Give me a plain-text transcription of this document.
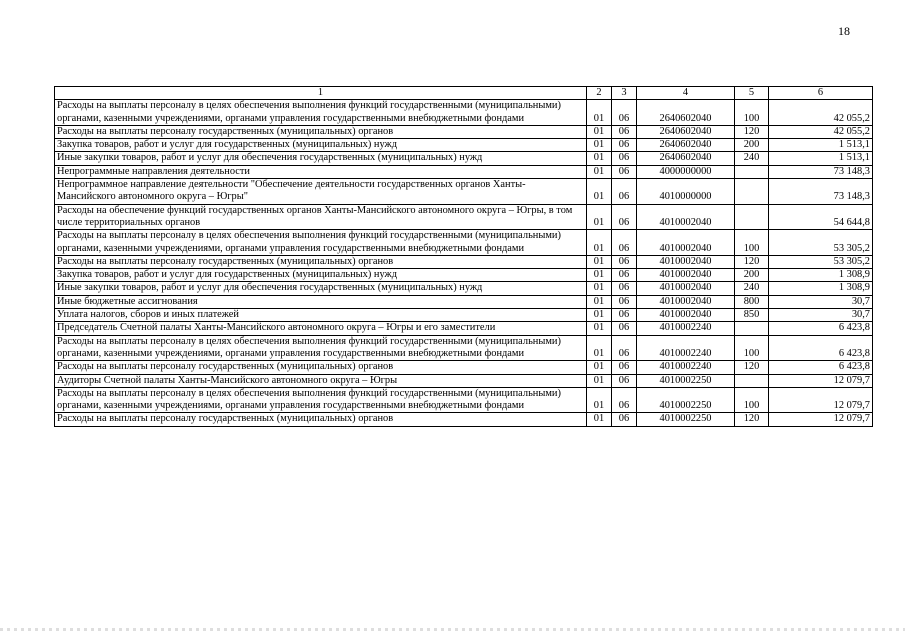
18
1	2	3	4	5	6
Расходы на выплаты персоналу в целях обеспечения выполнения функций государственными (муниципальными) органами, казенными учреждениями, органами управления государственными внебюджетными фондами	01	06	2640602040	100	42 055,2
Расходы на выплаты персоналу государственных (муниципальных) органов	01	06	2640602040	120	42 055,2
Закупка товаров, работ и услуг для государственных (муниципальных) нужд	01	06	2640602040	200	1 513,1
Иные закупки товаров, работ и услуг для обеспечения государственных (муниципальных) нужд	01	06	2640602040	240	1 513,1
Непрограммные направления деятельности	01	06	4000000000		73 148,3
Непрограммное направление деятельности "Обеспечение деятельности государственных органов Ханты-Мансийского автономного округа – Югры"	01	06	4010000000		73 148,3
Расходы на обеспечение функций государственных органов Ханты-Мансийского автономного округа – Югры, в том числе территориальных органов	01	06	4010002040		54 644,8
Расходы на выплаты персоналу в целях обеспечения выполнения функций государственными (муниципальными) органами, казенными учреждениями, органами управления государственными внебюджетными фондами	01	06	4010002040	100	53 305,2
Расходы на выплаты персоналу государственных (муниципальных) органов	01	06	4010002040	120	53 305,2
Закупка товаров, работ и услуг для государственных (муниципальных) нужд	01	06	4010002040	200	1 308,9
Иные закупки товаров, работ и услуг для обеспечения государственных (муниципальных) нужд	01	06	4010002040	240	1 308,9
Иные бюджетные ассигнования	01	06	4010002040	800	30,7
Уплата налогов, сборов и иных платежей	01	06	4010002040	850	30,7
Председатель Счетной палаты Ханты-Мансийского автономного округа – Югры и его заместители	01	06	4010002240		6 423,8
Расходы на выплаты персоналу в целях обеспечения выполнения функций государственными (муниципальными) органами, казенными учреждениями, органами управления государственными внебюджетными фондами	01	06	4010002240	100	6 423,8
Расходы на выплаты персоналу государственных (муниципальных) органов	01	06	4010002240	120	6 423,8
Аудиторы Счетной палаты Ханты-Мансийского автономного округа – Югры	01	06	4010002250		12 079,7
Расходы на выплаты персоналу в целях обеспечения выполнения функций государственными (муниципальными) органами, казенными учреждениями, органами управления государственными внебюджетными фондами	01	06	4010002250	100	12 079,7
Расходы на выплаты персоналу государственных (муниципальных) органов	01	06	4010002250	120	12 079,7
